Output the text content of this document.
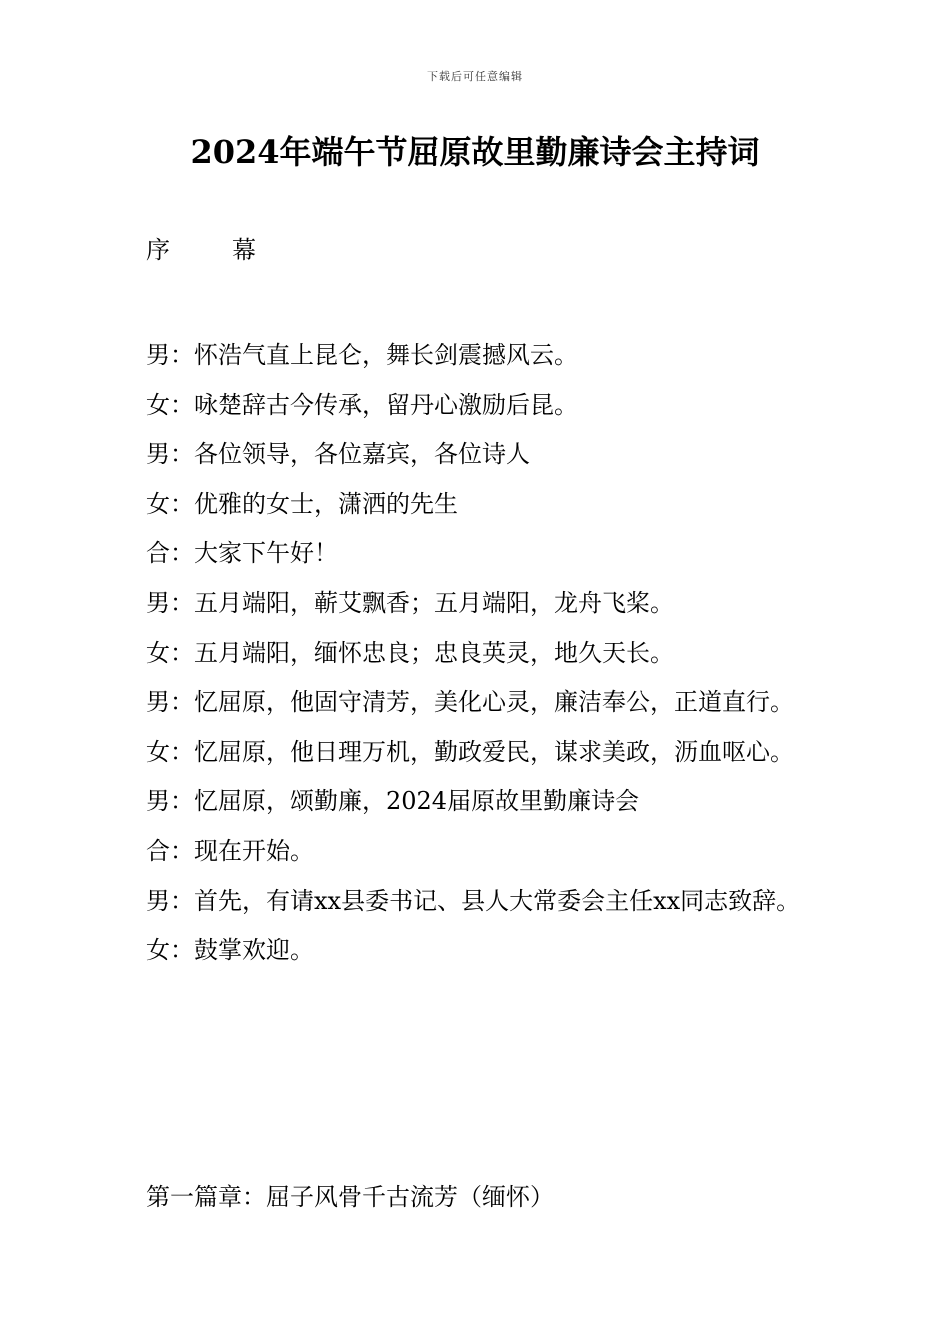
下载后可任意编辑
2024年端午节屈原故里勤廉诗会主持词
序	幕

男：怀浩气直上昆仑，舞长剑震撼风云。

女：咏楚辞古今传承，留丹心激励后昆。

男：各位领导，各位嘉宾，各位诗人

女：优雅的女士，潇洒的先生

合：大家下午好！

男：五月端阳，蕲艾飘香；五月端阳，龙舟飞桨。

女：五月端阳，缅怀忠良；忠良英灵，地久天长。

男：忆屈原，他固守清芳，美化心灵，廉洁奉公，正道直行。

女：忆屈原，他日理万机，勤政爱民，谋求美政，沥血呕心。

男：忆屈原，颂勤廉，2024届原故里勤廉诗会

合：现在开始。

男：首先，有请xx县委书记、县人大常委会主任xx同志致辞。

女：鼓掌欢迎。

第一篇章：屈子风骨千古流芳（缅怀）
